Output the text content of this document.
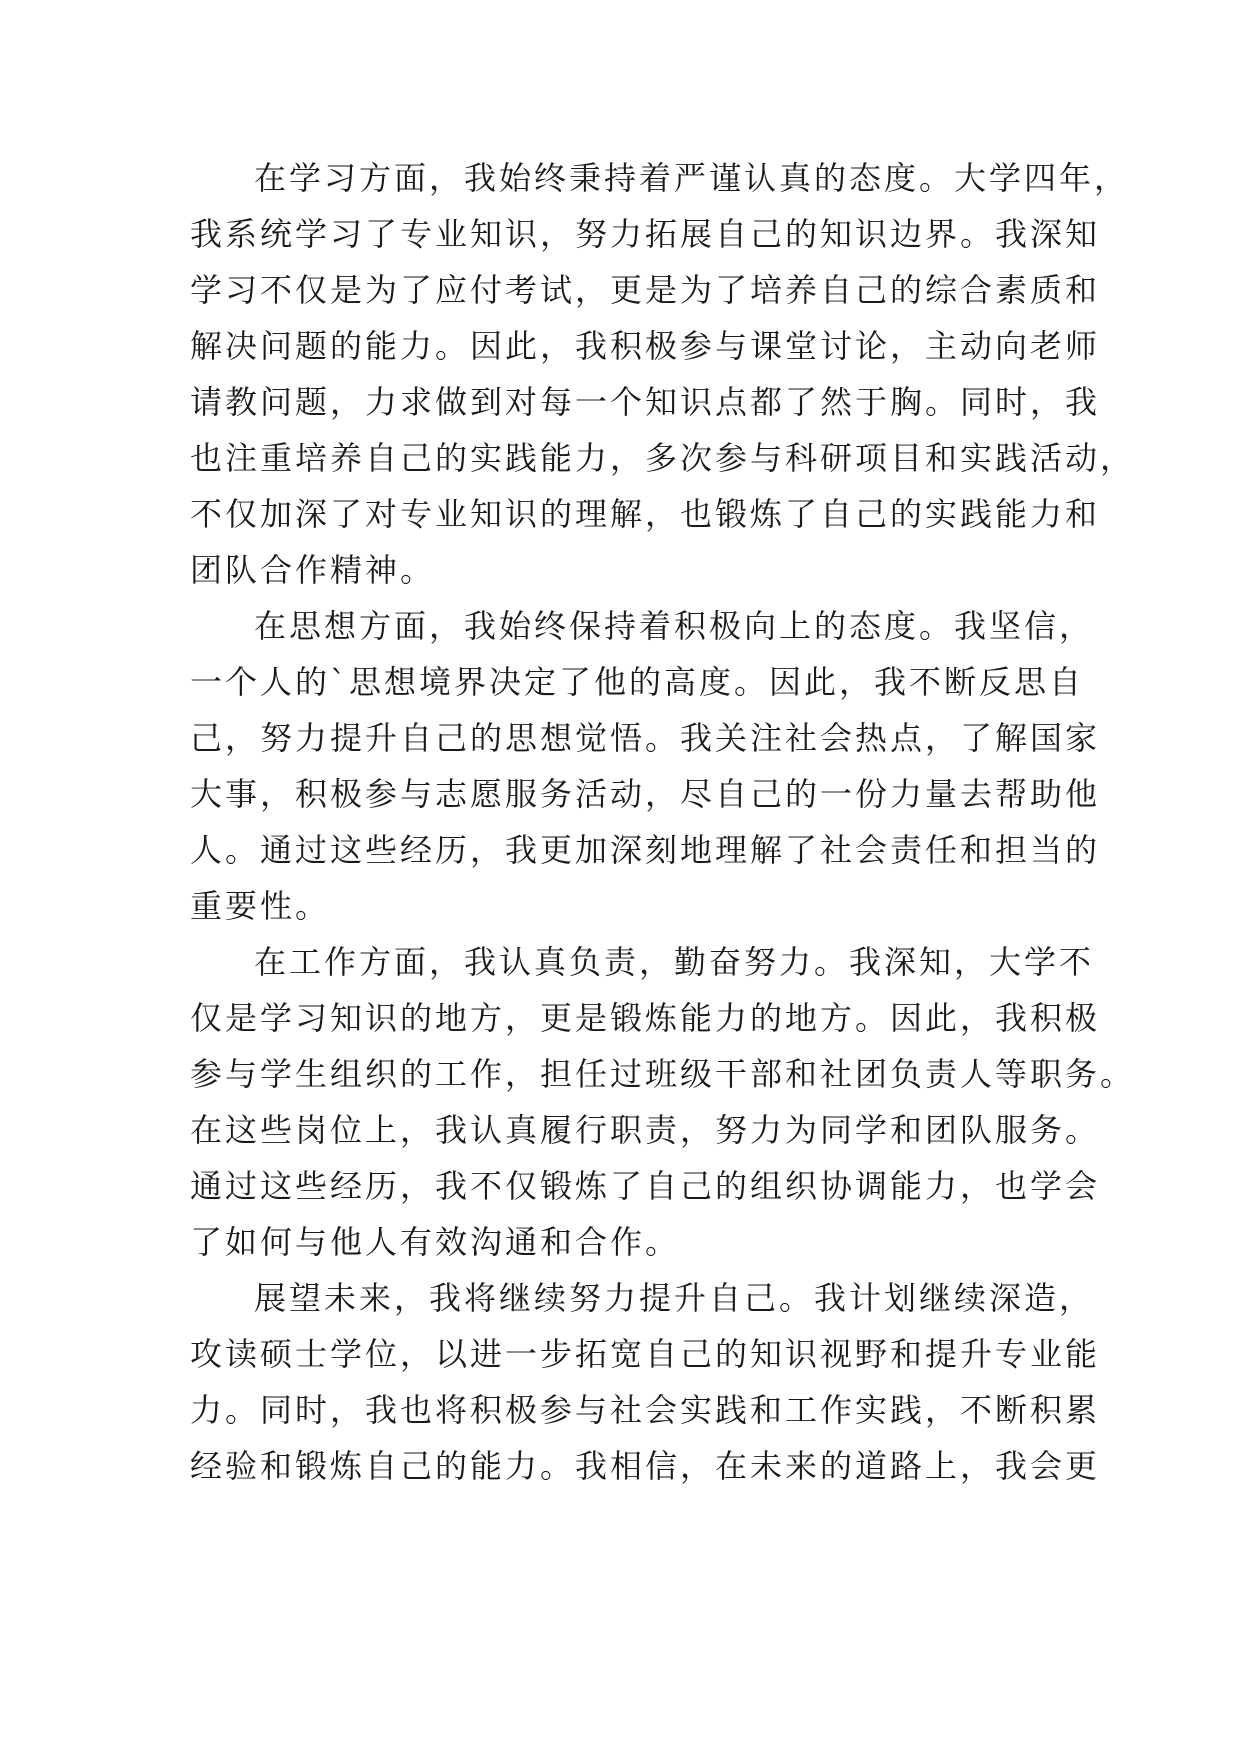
在学习方面，我始终秉持着严谨认真的态度。大学四年，
我系统学习了专业知识，努力拓展自己的知识边界。我深知
学习不仅是为了应付考试，更是为了培养自己的综合素质和
解决问题的能力。因此，我积极参与课堂讨论，主动向老师
请教问题，力求做到对每一个知识点都了然于胸。同时，我
也注重培养自己的实践能力，多次参与科研项目和实践活动，
不仅加深了对专业知识的理解，也锻炼了自己的实践能力和
团队合作精神。
在思想方面，我始终保持着积极向上的态度。我坚信，
一个人的`思想境界决定了他的高度。因此，我不断反思自
己，努力提升自己的思想觉悟。我关注社会热点，了解国家
大事，积极参与志愿服务活动，尽自己的一份力量去帮助他
人。通过这些经历，我更加深刻地理解了社会责任和担当的
重要性。
在工作方面，我认真负责，勤奋努力。我深知，大学不
仅是学习知识的地方，更是锻炼能力的地方。因此，我积极
参与学生组织的工作，担任过班级干部和社团负责人等职务。
在这些岗位上，我认真履行职责，努力为同学和团队服务。
通过这些经历，我不仅锻炼了自己的组织协调能力，也学会
了如何与他人有效沟通和合作。
展望未来，我将继续努力提升自己。我计划继续深造，
攻读硕士学位，以进一步拓宽自己的知识视野和提升专业能
力。同时，我也将积极参与社会实践和工作实践，不断积累
经验和锻炼自己的能力。我相信，在未来的道路上，我会更
